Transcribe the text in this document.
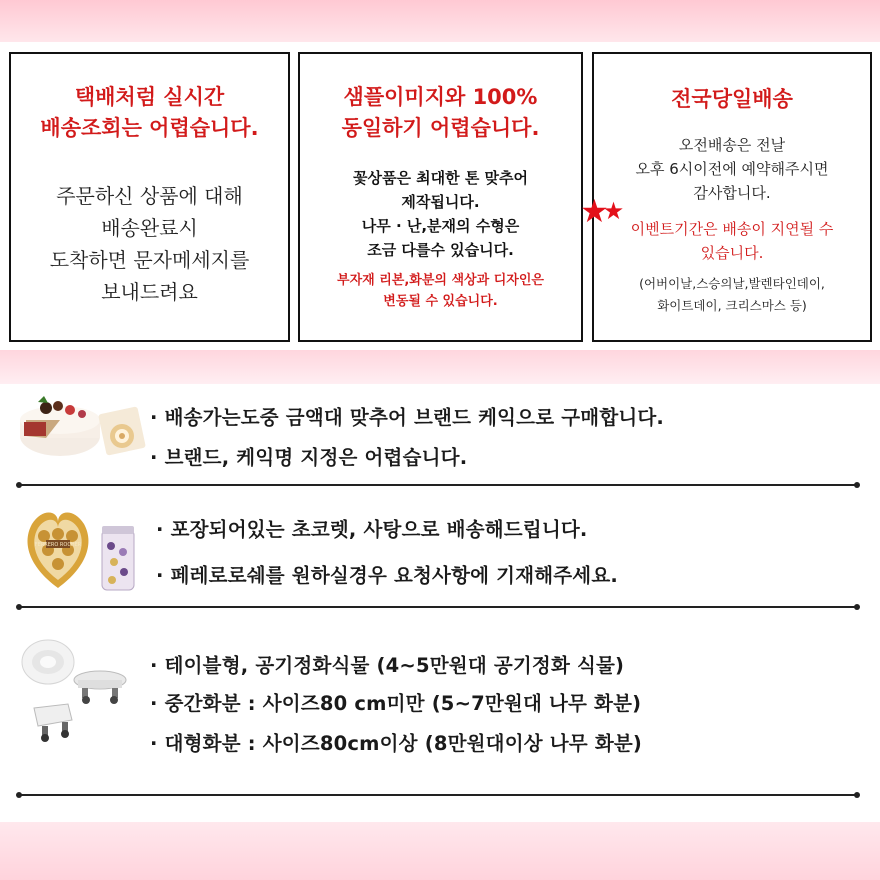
택배처럼 실시간
배송조회는 어렵습니다.
주문하신 상품에 대해
배송완료시
도착하면 문자메세지를
보내드려요
샘플이미지와 100%
동일하기 어렵습니다.
꽃상품은 최대한 톤 맞추어
제작됩니다.
나무 · 난,분재의 수형은
조금 다를수 있습니다.
부자재 리본,화분의 색상과 디자인은
변동될 수 있습니다.
전국당일배송
오전배송은 전날
오후 6시이전에 예약해주시면
감사합니다.
★★
이벤트기간은 배송이 지연될 수
있습니다.
(어버이날,스승의날,발렌타인데이,
화이트데이, 크리스마스 등)
· 배송가는도중 금액대 맞추어 브랜드 케익으로 구매합니다.
· 브랜드, 케익명 지정은 어렵습니다.
FERRERO ROCHER
· 포장되어있는 초코렛, 사탕으로 배송해드립니다.
· 페레로로쉐를 원하실경우 요청사항에 기재해주세요.
· 테이블형, 공기정화식물 (4~5만원대 공기정화 식물)
· 중간화분 : 사이즈80 cm미만 (5~7만원대 나무 화분)
· 대형화분 : 사이즈80cm이상 (8만원대이상 나무 화분)
